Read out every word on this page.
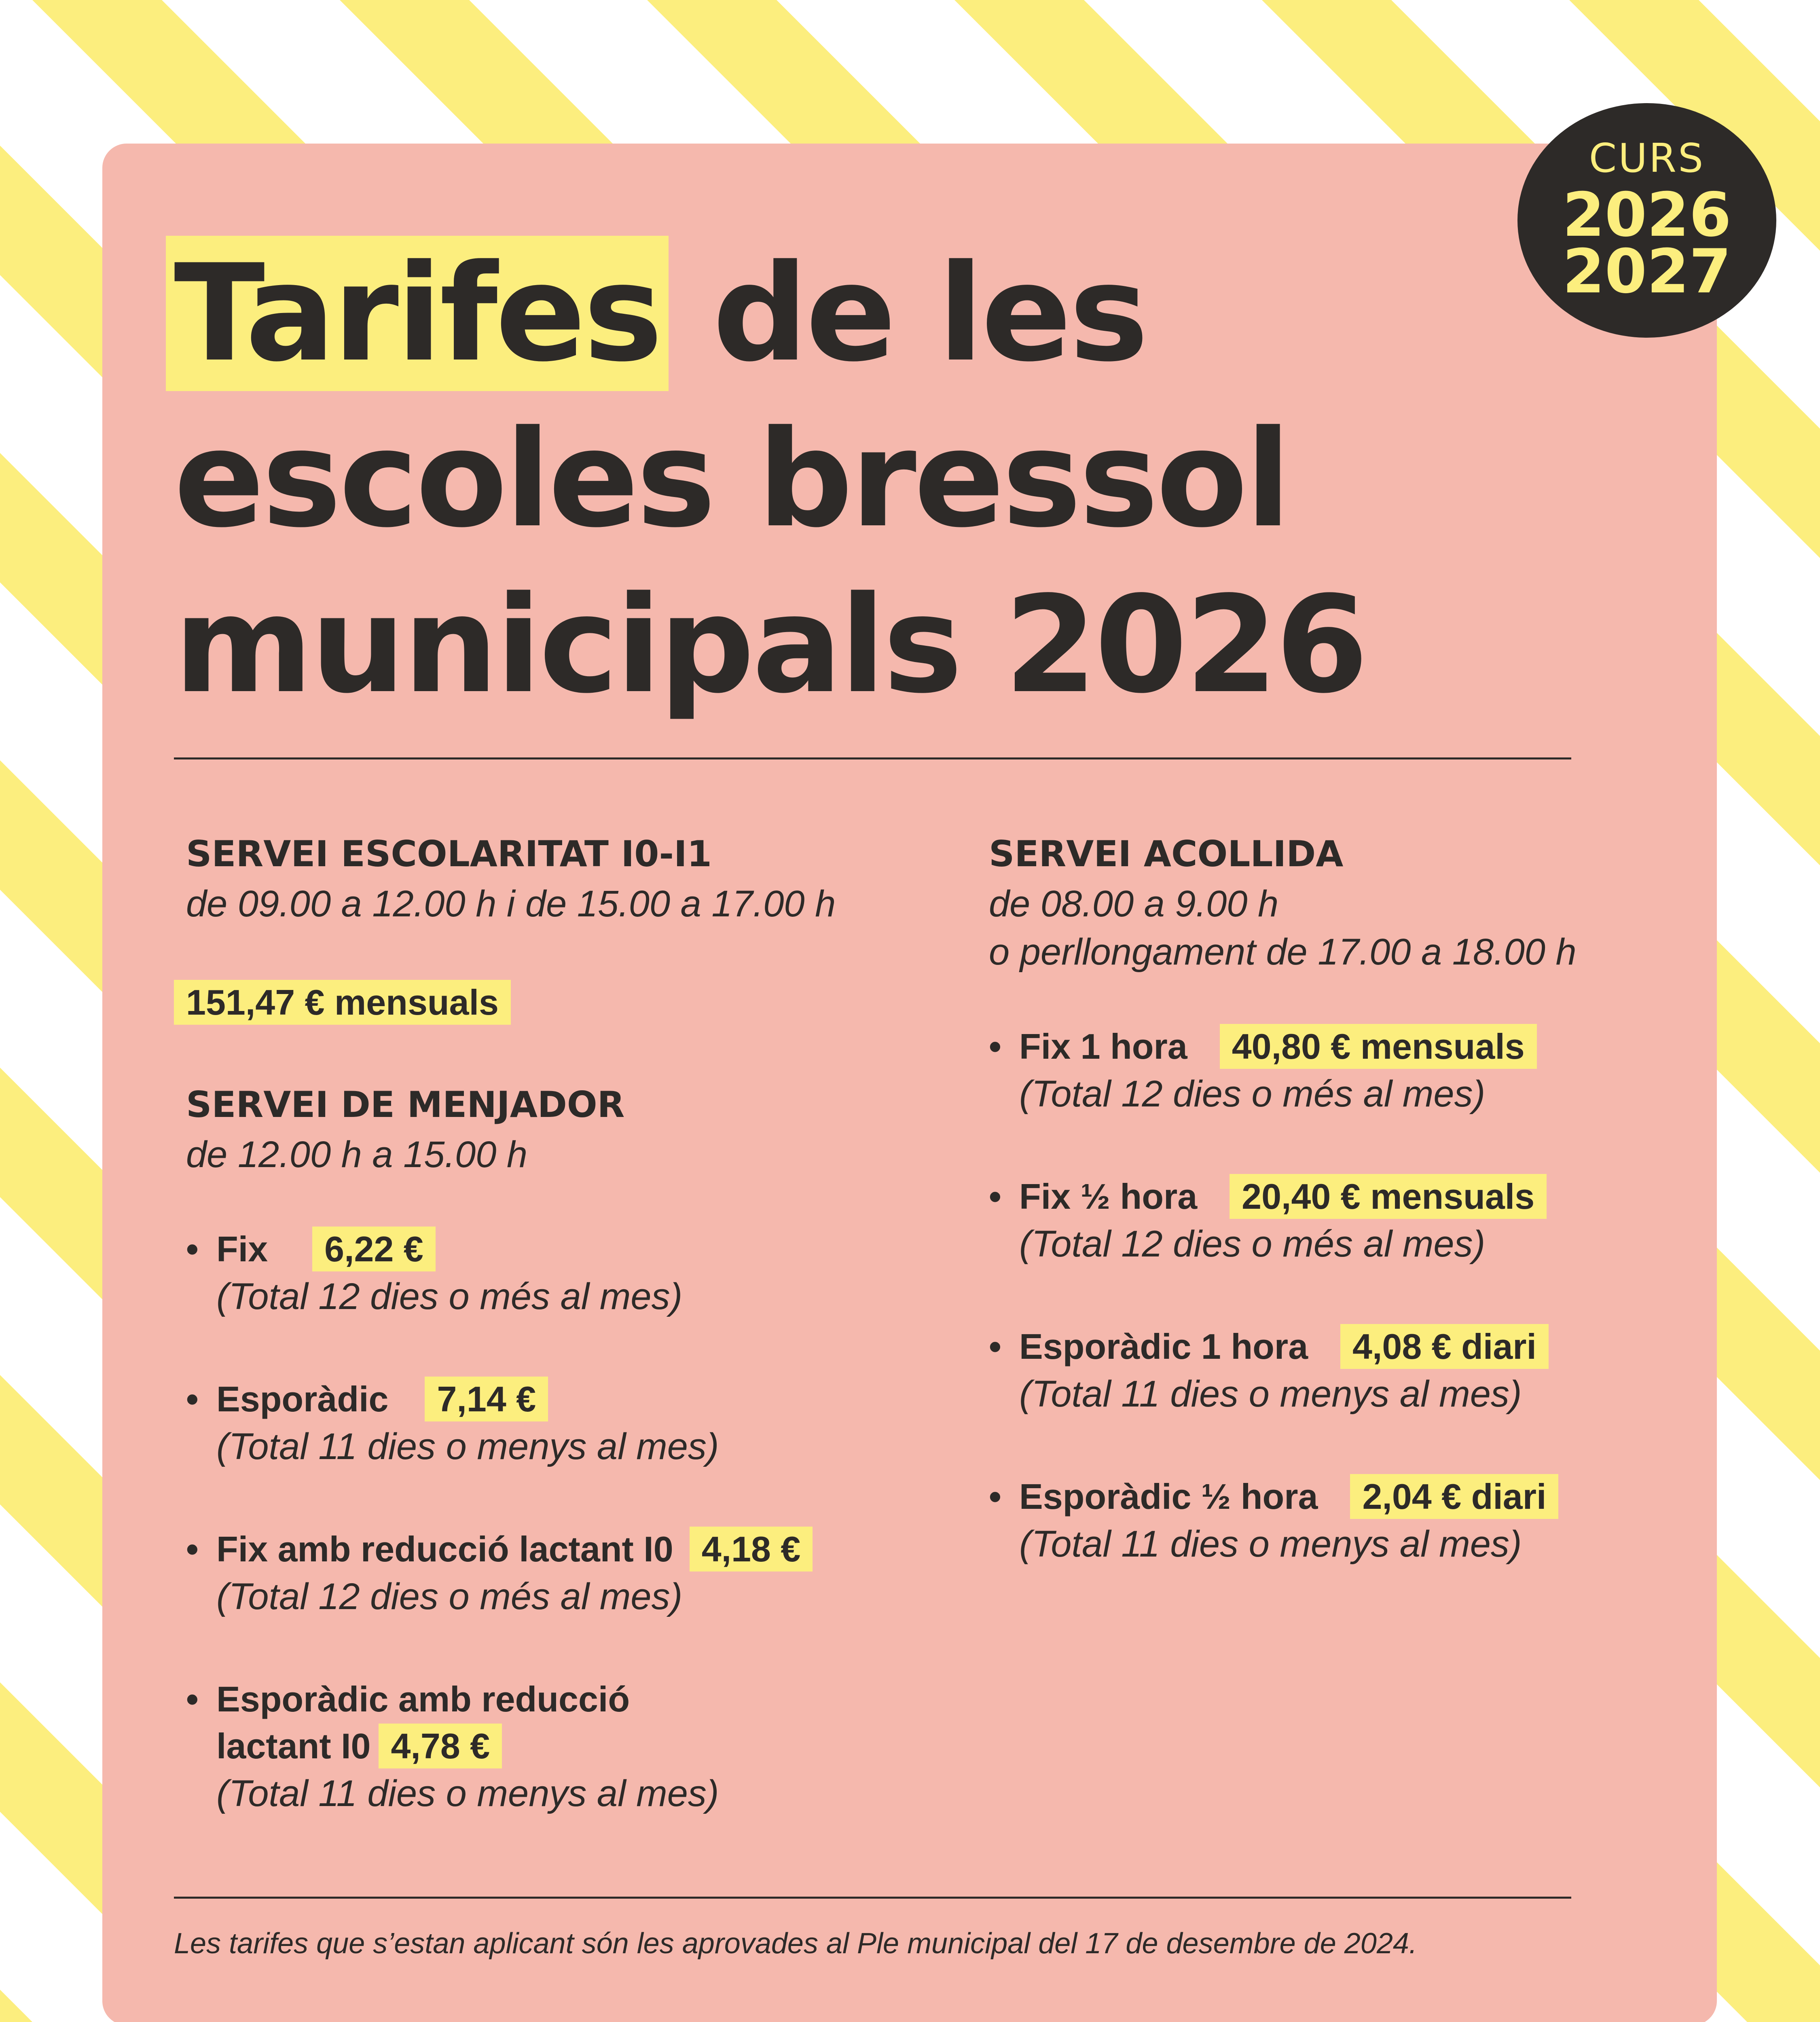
CURS
2026
2027
Tarifes de les
escoles bressol
municipals 2026
SERVEI ESCOLARITAT I0-I1
de 09.00 a 12.00 h i de 15.00 a 17.00 h
151,47 € mensuals
SERVEI DE MENJADOR
de 12.00 h a 15.00 h
• Fix 6,22 €
(Total 12 dies o més al mes)
• Esporàdic 7,14 €
(Total 11 dies o menys al mes)
• Fix amb reducció lactant I0 4,18 €
(Total 12 dies o més al mes)
• Esporàdic amb reducció
lactant I0 4,78 €
(Total 11 dies o menys al mes)
SERVEI ACOLLIDA
de 08.00 a 9.00 h
o perllongament de 17.00 a 18.00 h
• Fix 1 hora 40,80 € mensuals
(Total 12 dies o més al mes)
• Fix ½ hora 20,40 € mensuals
(Total 12 dies o més al mes)
• Esporàdic 1 hora 4,08 € diari
(Total 11 dies o menys al mes)
• Esporàdic ½ hora 2,04 € diari
(Total 11 dies o menys al mes)
Les tarifes que s’estan aplicant són les aprovades al Ple municipal del 17 de desembre de 2024.
